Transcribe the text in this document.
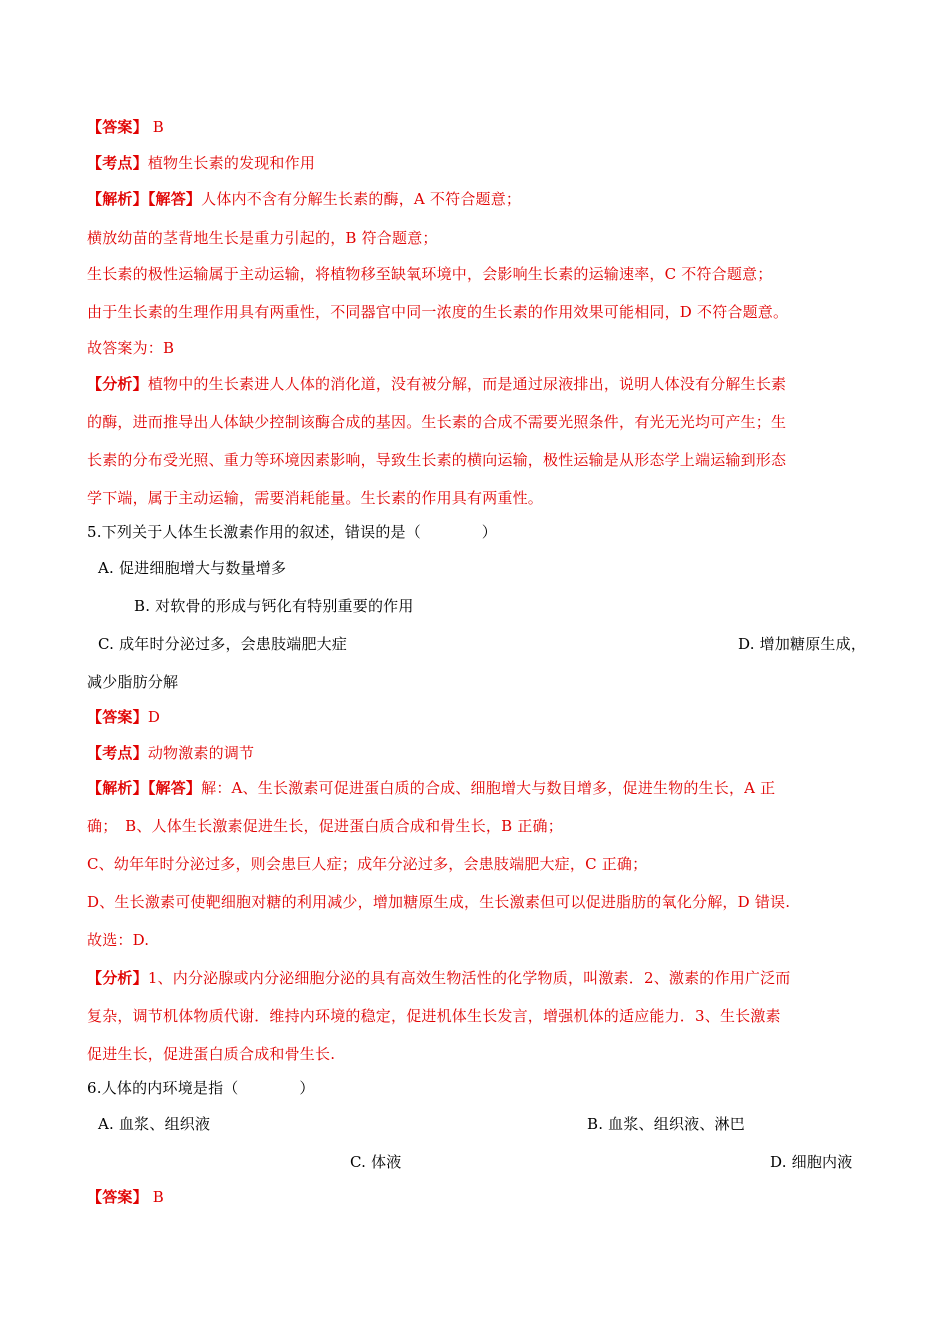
【答案】 B
【考点】植物生长素的发现和作用
【解析】【解答】人体内不含有分解生长素的酶，A 不符合题意；
横放幼苗的茎背地生长是重力引起的，B 符合题意；
生长素的极性运输属于主动运输，将植物移至缺氧环境中，会影响生长素的运输速率，C 不符合题意；
由于生长素的生理作用具有两重性，不同器官中同一浓度的生长素的作用效果可能相同，D 不符合题意。
故答案为：B
【分析】植物中的生长素进人人体的消化道，没有被分解，而是通过尿液排出，说明人体没有分解生长素
的酶，进而推导出人体缺少控制该酶合成的基因。生长素的合成不需要光照条件，有光无光均可产生；生
长素的分布受光照、重力等环境因素影响，导致生长素的横向运输，极性运输是从形态学上端运输到形态
学下端，属于主动运输，需要消耗能量。生长素的作用具有两重性。
5.下列关于人体生长激素作用的叙述，错误的是（　　　　）
A. 促进细胞增大与数量增多
B. 对软骨的形成与钙化有特别重要的作用
C. 成年时分泌过多，会患肢端肥大症	D. 增加糖原生成，
减少脂肪分解
【答案】D
【考点】动物激素的调节
【解析】【解答】解：A、生长激素可促进蛋白质的合成、细胞增大与数目增多，促进生物的生长，A 正
确；　B、人体生长激素促进生长，促进蛋白质合成和骨生长，B 正确；
C、幼年年时分泌过多，则会患巨人症；成年分泌过多，会患肢端肥大症，C 正确；
D、生长激素可使靶细胞对糖的利用减少，增加糖原生成，生长激素但可以促进脂肪的氧化分解，D 错误.
故选：D.
【分析】1、内分泌腺或内分泌细胞分泌的具有高效生物活性的化学物质，叫激素．2、激素的作用广泛而
复杂，调节机体物质代谢．维持内环境的稳定，促进机体生长发言，增强机体的适应能力．3、生长激素
促进生长，促进蛋白质合成和骨生长.
6.人体的内环境是指（　　　　）
A. 血浆、组织液	B. 血浆、组织液、淋巴
C. 体液	D. 细胞内液
【答案】 B
